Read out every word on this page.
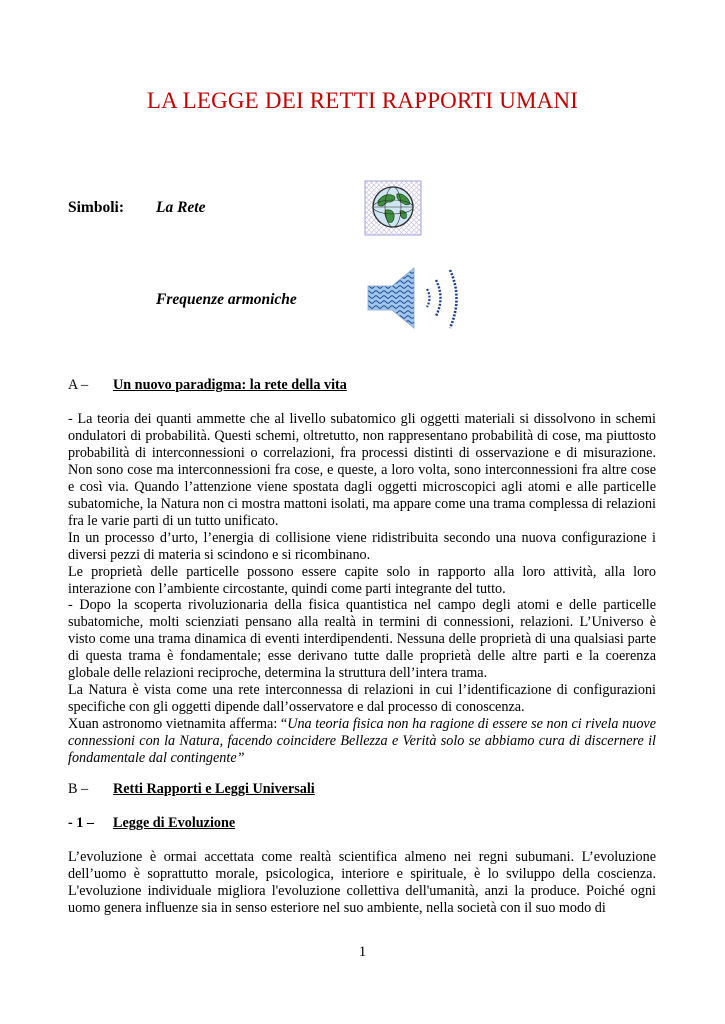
LA LEGGE DEI RETTI RAPPORTI UMANI
Simboli: La Rete
Frequenze armoniche
A – Un nuovo paradigma: la rete della vita

- La teoria dei quanti ammette che al livello subatomico gli oggetti materiali si dissolvono in schemi ondulatori di probabilità. Questi schemi, oltretutto, non rappresentano probabilità di cose, ma piuttosto probabilità di interconnessioni o correlazioni, fra processi distinti di osservazione e di misurazione. Non sono cose ma interconnessioni fra cose, e queste, a loro volta, sono interconnessioni fra altre cose e così via. Quando l’attenzione viene spostata dagli oggetti microscopici agli atomi e alle particelle subatomiche, la Natura non ci mostra mattoni isolati, ma appare come una trama complessa di relazioni fra le varie parti di un tutto unificato.

In un processo d’urto, l’energia di collisione viene ridistribuita secondo una nuova configurazione i diversi pezzi di materia si scindono e si ricombinano.

Le proprietà delle particelle possono essere capite solo in rapporto alla loro attività, alla loro interazione con l’ambiente circostante, quindi come parti integrante del tutto.

- Dopo la scoperta rivoluzionaria della fisica quantistica nel campo degli atomi e delle particelle subatomiche, molti scienziati pensano alla realtà in termini di connessioni, relazioni. L’Universo è visto come una trama dinamica di eventi interdipendenti. Nessuna delle proprietà di una qualsiasi parte di questa trama è fondamentale; esse derivano tutte dalle proprietà delle altre parti e la coerenza globale delle relazioni reciproche, determina la struttura dell’intera trama.

La Natura è vista come una rete interconnessa di relazioni in cui l’identificazione di configurazioni specifiche con gli oggetti dipende dall’osservatore e dal processo di conoscenza.

Xuan astronomo vietnamita afferma: “Una teoria fisica non ha ragione di essere se non ci rivela nuove connessioni con la Natura, facendo coincidere Bellezza e Verità solo se abbiamo cura di discernere il fondamentale dal contingente”

B – Retti Rapporti e Leggi Universali
- 1 – Legge di Evoluzione

L’evoluzione è ormai accettata come realtà scientifica almeno nei regni subumani. L’evoluzione dell’uomo è soprattutto morale, psicologica, interiore e spirituale, è lo sviluppo della coscienza. L'evoluzione individuale migliora l'evoluzione collettiva dell'umanità, anzi la produce. Poiché ogni uomo genera influenze sia in senso esteriore nel suo ambiente, nella società con il suo modo di

1
